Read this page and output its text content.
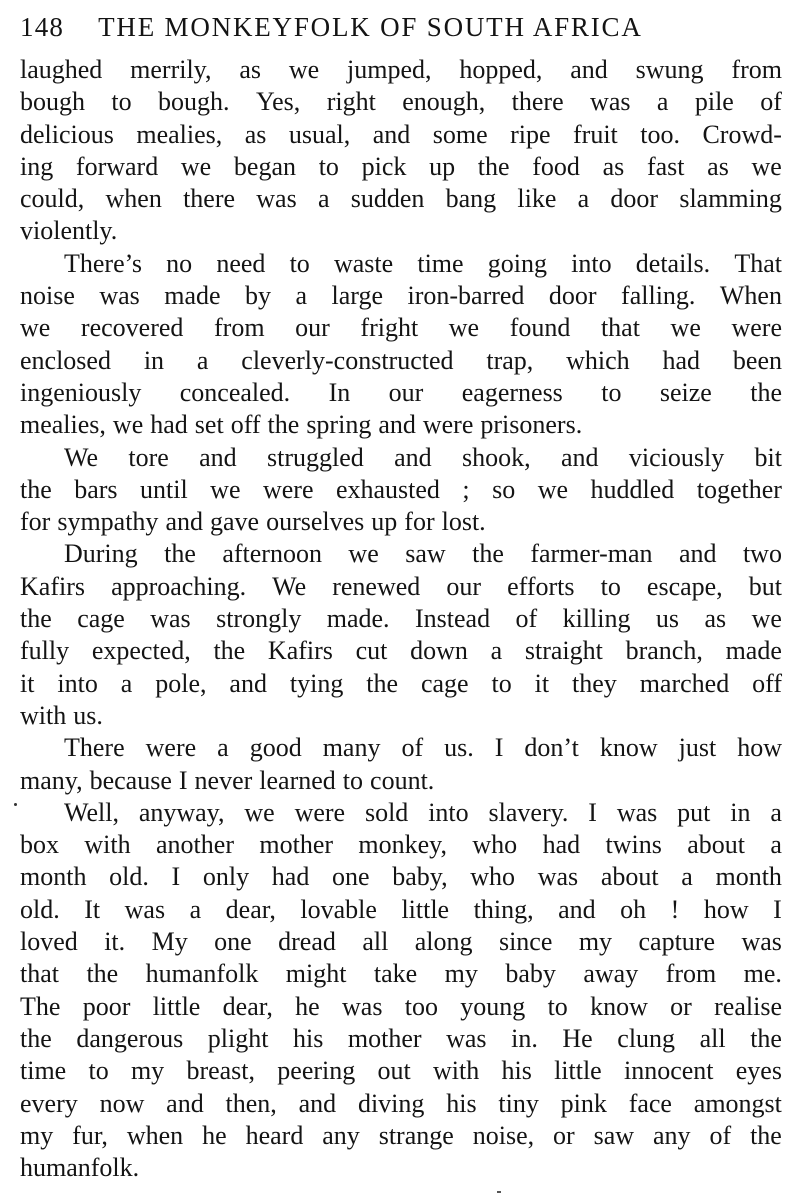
148 THE MONKEYFOLK OF SOUTH AFRICA
laughed merrily, as we jumped, hopped, and swung from
bough to bough. Yes, right enough, there was a pile of
delicious mealies, as usual, and some ripe fruit too. Crowd-
ing forward we began to pick up the food as fast as we
could, when there was a sudden bang like a door slamming
violently.
There’s no need to waste time going into details. That
noise was made by a large iron-barred door falling. When
we recovered from our fright we found that we were
enclosed in a cleverly-constructed trap, which had been
ingeniously concealed. In our eagerness to seize the
mealies, we had set off the spring and were prisoners.
We tore and struggled and shook, and viciously bit
the bars until we were exhausted ; so we huddled together
for sympathy and gave ourselves up for lost.
During the afternoon we saw the farmer-man and two
Kafirs approaching. We renewed our efforts to escape, but
the cage was strongly made. Instead of killing us as we
fully expected, the Kafirs cut down a straight branch, made
it into a pole, and tying the cage to it they marched off
with us.
There were a good many of us. I don’t know just how
many, because I never learned to count.
Well, anyway, we were sold into slavery. I was put in a
box with another mother monkey, who had twins about a
month old. I only had one baby, who was about a month
old. It was a dear, lovable little thing, and oh ! how I
loved it. My one dread all along since my capture was
that the humanfolk might take my baby away from me.
The poor little dear, he was too young to know or realise
the dangerous plight his mother was in. He clung all the
time to my breast, peering out with his little innocent eyes
every now and then, and diving his tiny pink face amongst
my fur, when he heard any strange noise, or saw any of the
humanfolk.
